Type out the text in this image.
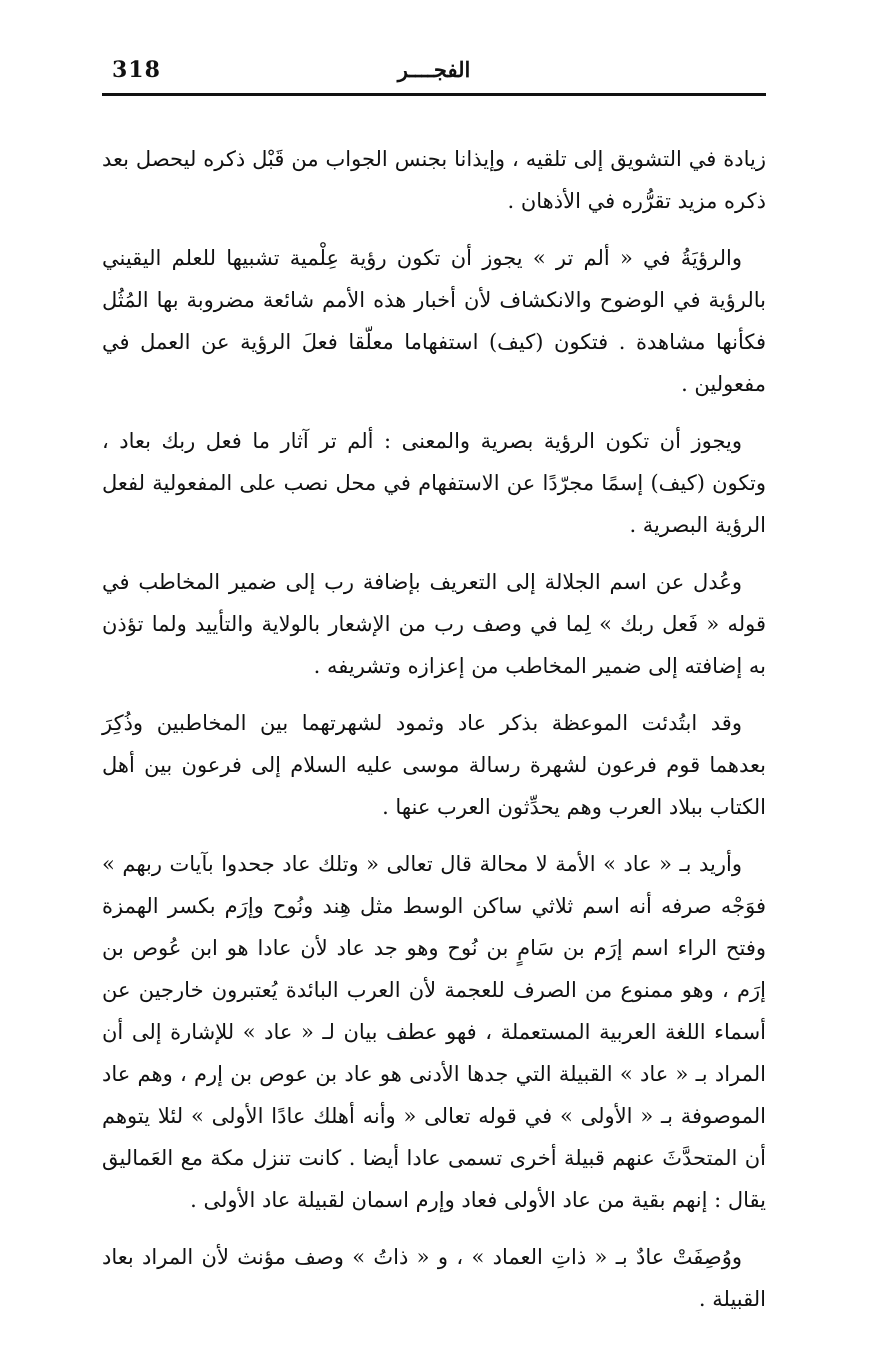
318	الفجــــر

زيادة في التشويق إلى تلقيه ، وإيذانا بجنس الجواب من قَبْل ذكره ليحصل بعد ذكره مزيد تقرُّره في الأذهان .

والرؤيَةُ في « ألم تر » يجوز أن تكون رؤية عِلْمية تشبيها للعلم اليقيني بالرؤية في الوضوح والانكشاف لأن أخبار هذه الأمم شائعة مضروبة بها المُثُل فكأنها مشاهدة . فتكون (كيف) استفهاما معلّقا فعلَ الرؤية عن العمل في مفعولين .

ويجوز أن تكون الرؤية بصرية والمعنى : ألم تر آثار ما فعل ربك بعاد ، وتكون (كيف) إسمًا مجرّدًا عن الاستفهام في محل نصب على المفعولية لفعل الرؤية البصرية .

وعُدل عن اسم الجلالة إلى التعريف بإضافة رب إلى ضمير المخاطب في قوله « فَعل ربك » لِما في وصف رب من الإشعار بالولاية والتأييد ولما تؤذن به إضافته إلى ضمير المخاطب من إعزازه وتشريفه .

وقد ابتُدئت الموعظة بذكر عاد وثمود لشهرتهما بين المخاطبين وذُكِرَ بعدهما قوم فرعون لشهرة رسالة موسى عليه السلام إلى فرعون بين أهل الكتاب ببلاد العرب وهم يحدِّثون العرب عنها .

وأريد بـ « عاد » الأمة لا محالة قال تعالى « وتلك عاد جحدوا بآيات ربهم » فوَجْه صرفه أنه اسم ثلاثي ساكن الوسط مثل هِند ونُوح وإرَم بكسر الهمزة وفتح الراء اسم إرَم بن سَامٍ بن نُوح وهو جد عاد لأن عادا هو ابن عُوص بن إرَم ، وهو ممنوع من الصرف للعجمة لأن العرب البائدة يُعتبرون خارجين عن أسماء اللغة العربية المستعملة ، فهو عطف بيان لـ « عاد » للإشارة إلى أن المراد بـ « عاد » القبيلة التي جدها الأدنى هو عاد بن عوص بن إرم ، وهم عاد الموصوفة بـ « الأولى » في قوله تعالى « وأنه أهلك عادًا الأولى » لئلا يتوهم أن المتحدَّثَ عنهم قبيلة أخرى تسمى عادا أيضا . كانت تنزل مكة مع العَماليق يقال : إنهم بقية من عاد الأولى فعاد وإرم اسمان لقبيلة عاد الأولى .

ووُصِفَتْ عادٌ بـ « ذاتِ العماد » ، و « ذاتُ » وصف مؤنث لأن المراد بعاد القبيلة .
